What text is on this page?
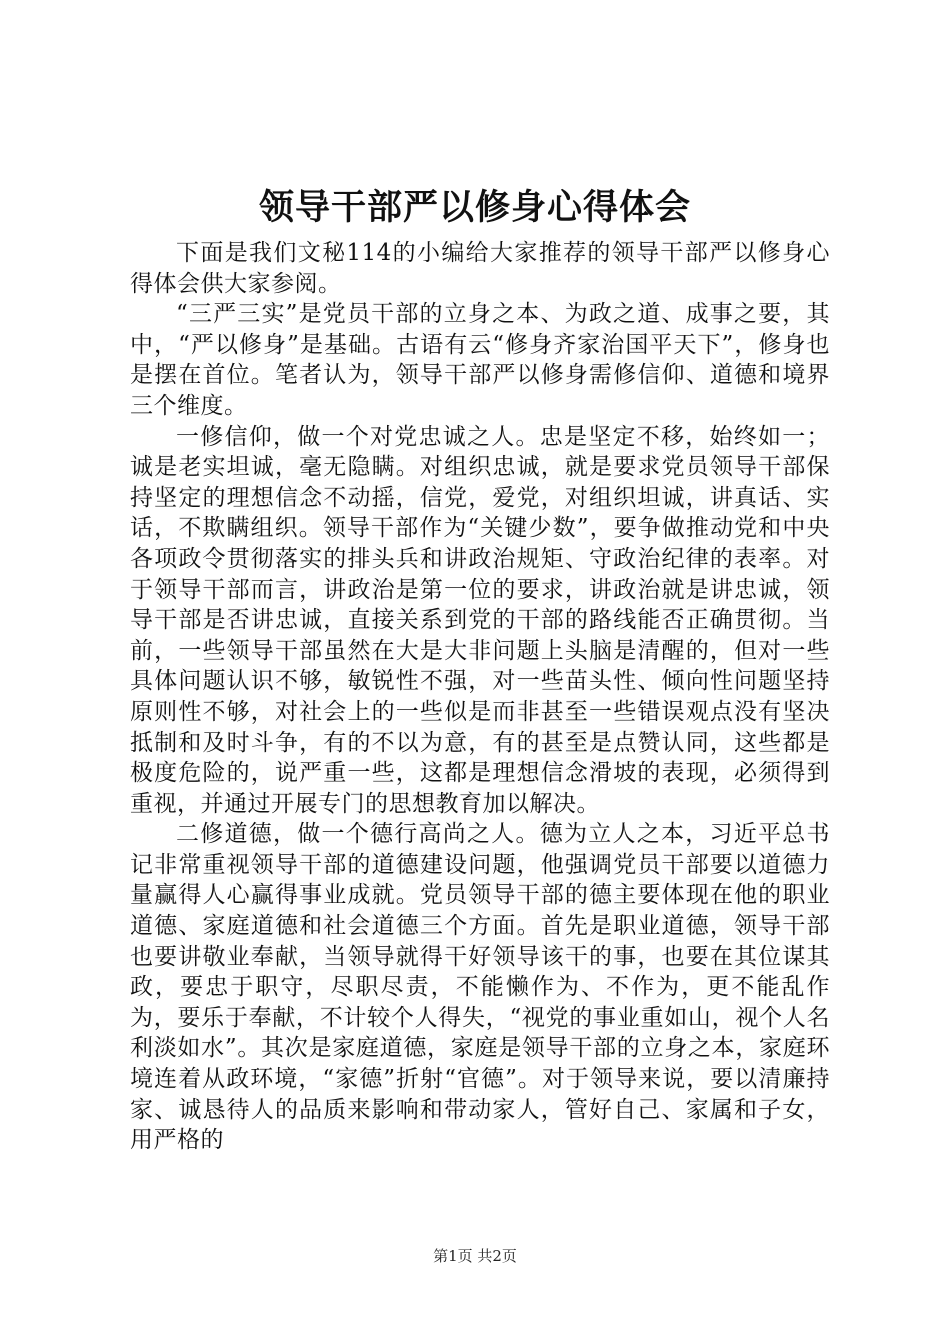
领导干部严以修身心得体会

下面是我们文秘114的小编给大家推荐的领导干部严以修身心得体会供大家参阅。

“三严三实”是党员干部的立身之本、为政之道、成事之要，其中，“严以修身”是基础。古语有云“修身齐家治国平天下”，修身也是摆在首位。笔者认为，领导干部严以修身需修信仰、道德和境界三个维度。

一修信仰，做一个对党忠诚之人。忠是坚定不移，始终如一；诚是老实坦诚，毫无隐瞒。对组织忠诚，就是要求党员领导干部保持坚定的理想信念不动摇，信党，爱党，对组织坦诚，讲真话、实话，不欺瞒组织。领导干部作为“关键少数”，要争做推动党和中央各项政令贯彻落实的排头兵和讲政治规矩、守政治纪律的表率。对于领导干部而言，讲政治是第一位的要求，讲政治就是讲忠诚，领导干部是否讲忠诚，直接关系到党的干部的路线能否正确贯彻。当前，一些领导干部虽然在大是大非问题上头脑是清醒的，但对一些具体问题认识不够，敏锐性不强，对一些苗头性、倾向性问题坚持原则性不够，对社会上的一些似是而非甚至一些错误观点没有坚决抵制和及时斗争，有的不以为意，有的甚至是点赞认同，这些都是极度危险的，说严重一些，这都是理想信念滑坡的表现，必须得到重视，并通过开展专门的思想教育加以解决。

二修道德，做一个德行高尚之人。德为立人之本，习近平总书记非常重视领导干部的道德建设问题，他强调党员干部要以道德力量赢得人心赢得事业成就。党员领导干部的德主要体现在他的职业道德、家庭道德和社会道德三个方面。首先是职业道德，领导干部也要讲敬业奉献，当领导就得干好领导该干的事，也要在其位谋其政，要忠于职守，尽职尽责，不能懒作为、不作为，更不能乱作为，要乐于奉献，不计较个人得失，“视党的事业重如山，视个人名利淡如水”。其次是家庭道德，家庭是领导干部的立身之本，家庭环境连着从政环境，“家德”折射“官德”。对于领导来说，要以清廉持家、诚恳待人的品质来影响和带动家人，管好自己、家属和子女，用严格的

第1页 共2页
